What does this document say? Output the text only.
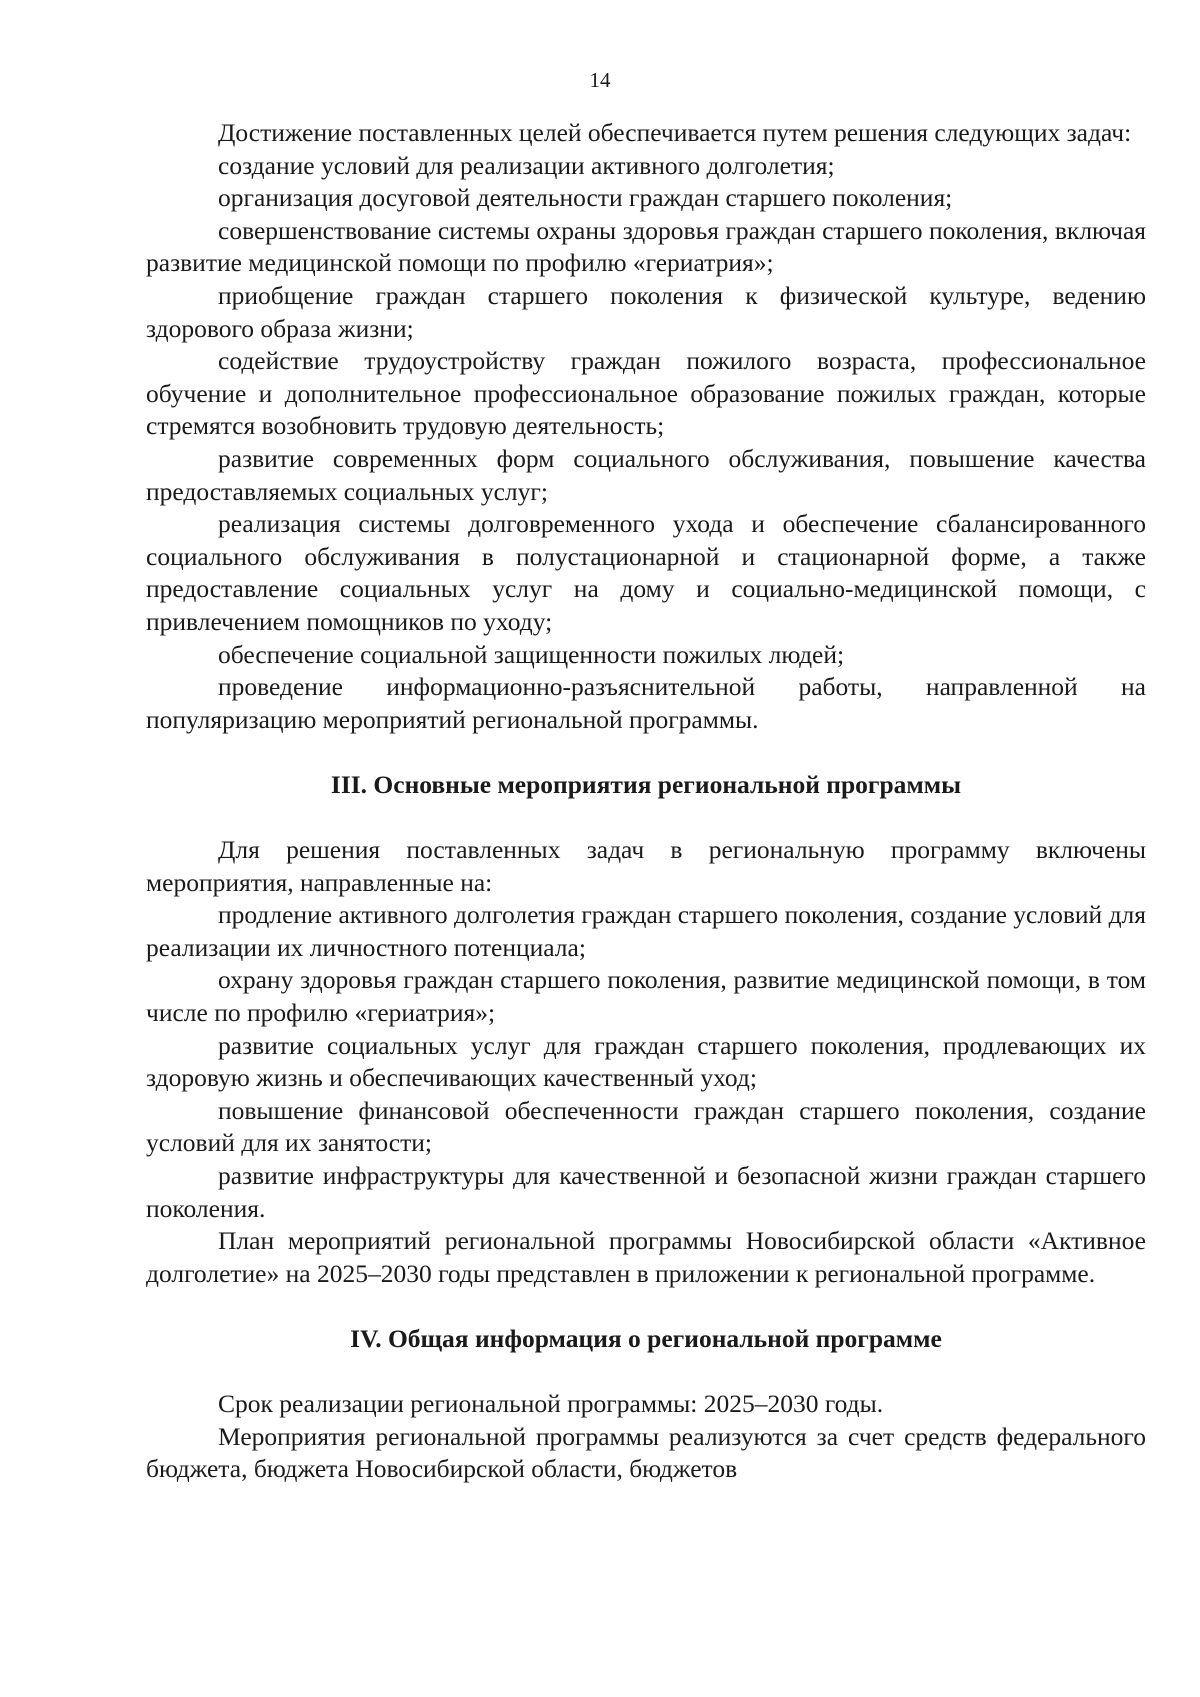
14

Достижение поставленных целей обеспечивается путем решения следующих задач:

создание условий для реализации активного долголетия;

организация досуговой деятельности граждан старшего поколения;

совершенствование системы охраны здоровья граждан старшего поколения, включая развитие медицинской помощи по профилю «гериатрия»;

приобщение граждан старшего поколения к физической культуре, ведению здорового образа жизни;

содействие трудоустройству граждан пожилого возраста, профессиональное обучение и дополнительное профессиональное образование пожилых граждан, которые стремятся возобновить трудовую деятельность;

развитие современных форм социального обслуживания, повышение качества предоставляемых социальных услуг;

реализация системы долговременного ухода и обеспечение сбалансированного социального обслуживания в полустационарной и стационарной форме, а также предоставление социальных услуг на дому и социально-медицинской помощи, с привлечением помощников по уходу;

обеспечение социальной защищенности пожилых людей;

проведение информационно-разъяснительной работы, направленной на популяризацию мероприятий региональной программы.

III. Основные мероприятия региональной программы

Для решения поставленных задач в региональную программу включены мероприятия, направленные на:

продление активного долголетия граждан старшего поколения, создание условий для реализации их личностного потенциала;

охрану здоровья граждан старшего поколения, развитие медицинской помощи, в том числе по профилю «гериатрия»;

развитие социальных услуг для граждан старшего поколения, продлевающих их здоровую жизнь и обеспечивающих качественный уход;

повышение финансовой обеспеченности граждан старшего поколения, создание условий для их занятости;

развитие инфраструктуры для качественной и безопасной жизни граждан старшего поколения.

План мероприятий региональной программы Новосибирской области «Активное долголетие» на 2025–2030 годы представлен в приложении к региональной программе.

IV. Общая информация о региональной программе

Срок реализации региональной программы: 2025–2030 годы.

Мероприятия региональной программы реализуются за счет средств федерального бюджета, бюджета Новосибирской области, бюджетов
